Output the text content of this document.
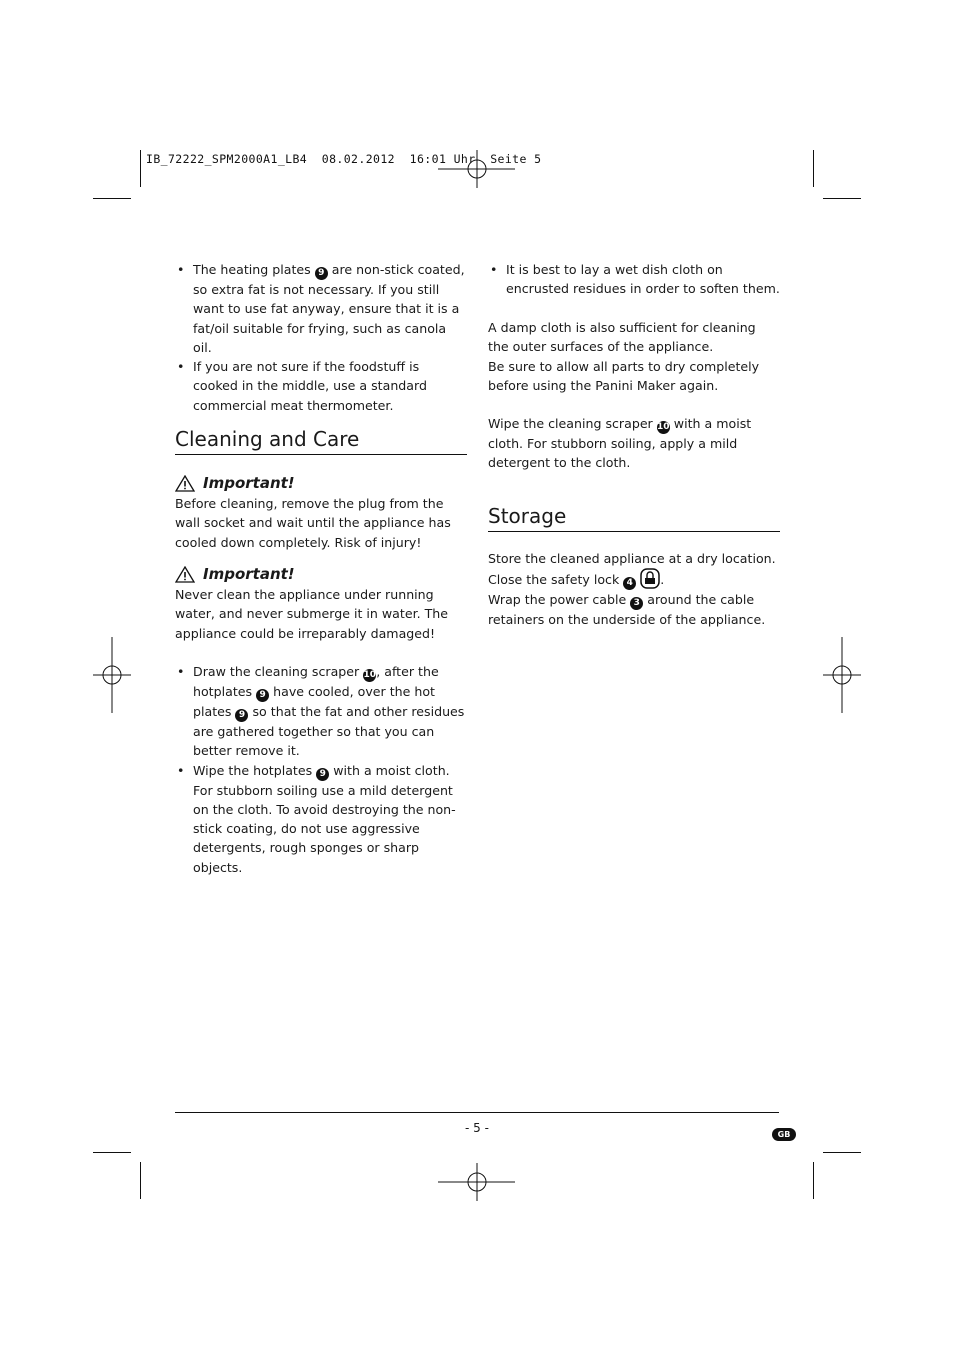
IB_72222_SPM2000A1_LB4  08.02.2012  16:01 Uhr  Seite 5
• The heating plates 9 are non-stick coated, so extra fat is not necessary. If you still want to use fat anyway, ensure that it is a fat/oil suitable for frying, such as canola oil.
• If you are not sure if the foodstuff is cooked in the middle, use a standard commercial meat thermometer.
Cleaning and Care
Important!

Before cleaning, remove the plug from the wall socket and wait until the appliance has cooled down completely. Risk of injury!

Important!

Never clean the appliance under running water, and never submerge it in water. The appliance could be irreparably damaged!

• Draw the cleaning scraper 10, after the hotplates 9 have cooled, over the hot plates 9 so that the fat and other residues are gathered together so that you can better remove it.
• Wipe the hotplates 9 with a moist cloth. For stubborn soiling use a mild detergent on the cloth. To avoid destroying the non-stick coating, do not use aggressive detergents, rough sponges or sharp objects.
• It is best to lay a wet dish cloth on encrusted residues in order to soften them.

A damp cloth is also sufficient for cleaning the outer surfaces of the appliance.

Be sure to allow all parts to dry completely before using the Panini Maker again.

Wipe the cleaning scraper 10 with a moist cloth. For stubborn soiling, apply a mild detergent to the cloth.

Storage

Store the cleaned appliance at a dry location.

Close the safety lock 4 .

Wrap the power cable 3 around the cable retainers on the underside of the appliance.

- 5 -	GB
